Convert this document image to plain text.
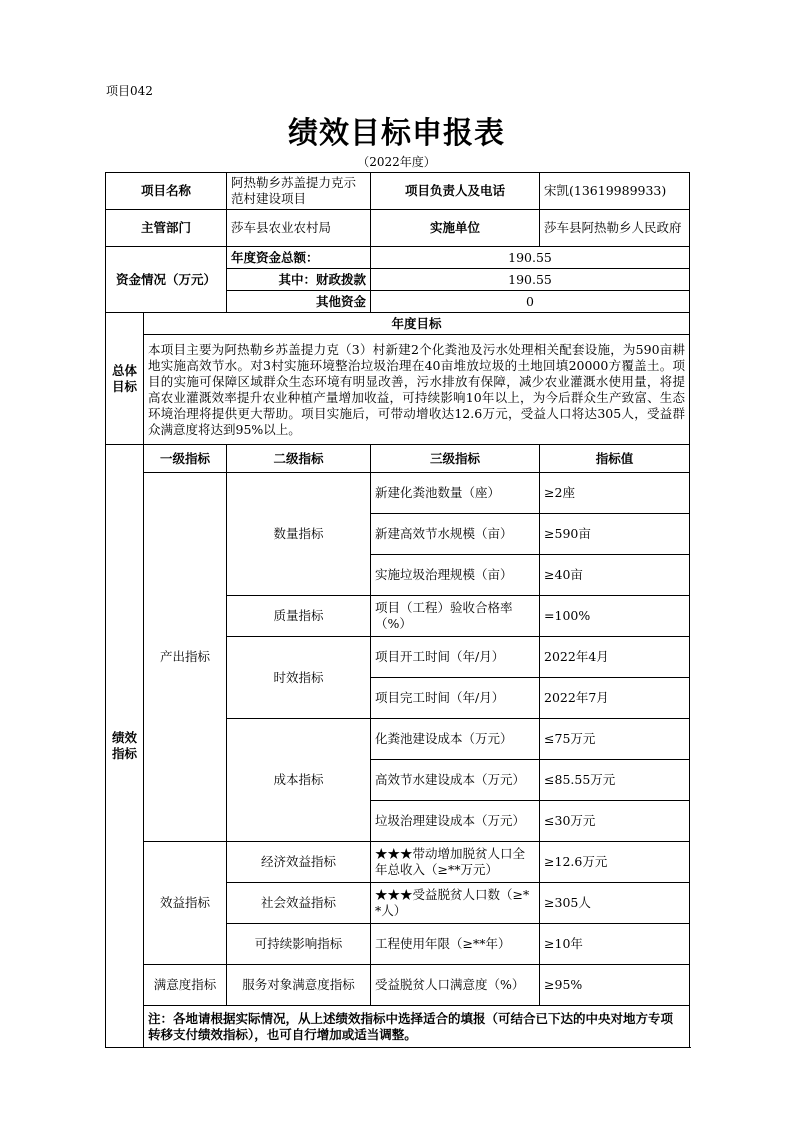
项目042
绩效目标申报表
（2022年度）
项目名称		阿热勒乡苏盖提力克示范村建设项目	项目负责人及电话	宋凯(13619989933)
主管部门		莎车县农业农村局	实施单位	莎车县阿热勒乡人民政府
资金情况（万元）		年度资金总额：	190.55	
		其中：财政拨款	190.55	
		其他资金	0	
总体目标	年度目标			
	本项目主要为阿热勒乡苏盖提力克（3）村新建2个化粪池及污水处理相关配套设施，为590亩耕地实施高效节水。对3村实施环境整治垃圾治理在40亩堆放垃圾的土地回填20000方覆盖土。项目的实施可保障区域群众生态环境有明显改善，污水排放有保障，减少农业灌溉水使用量，将提高农业灌溉效率提升农业种植产量增加收益，可持续影响10年以上，为今后群众生产致富、生态环境治理将提供更大帮助。项目实施后，可带动增收达12.6万元，受益人口将达305人，受益群众满意度将达到95%以上。			
绩效指标	一级指标	二级指标	三级指标	指标值
	产出指标	数量指标	新建化粪池数量（座）	≥2座
			新建高效节水规模（亩）	≥590亩
			实施垃圾治理规模（亩）	≥40亩
		质量指标	项目（工程）验收合格率（%）	=100%
		时效指标	项目开工时间（年/月）	2022年4月
			项目完工时间（年/月）	2022年7月
		成本指标	化粪池建设成本（万元）	≤75万元
			高效节水建设成本（万元）	≤85.55万元
			垃圾治理建设成本（万元）	≤30万元
	效益指标	经济效益指标	★★★带动增加脱贫人口全年总收入（≥**万元）	≥12.6万元
		社会效益指标	★★★受益脱贫人口数（≥**人）	≥305人
		可持续影响指标	工程使用年限（≥**年）	≥10年
	满意度指标	服务对象满意度指标	受益脱贫人口满意度（%）	≥95%
	注：各地请根据实际情况，从上述绩效指标中选择适合的填报（可结合已下达的中央对地方专项转移支付绩效指标），也可自行增加或适当调整。			
